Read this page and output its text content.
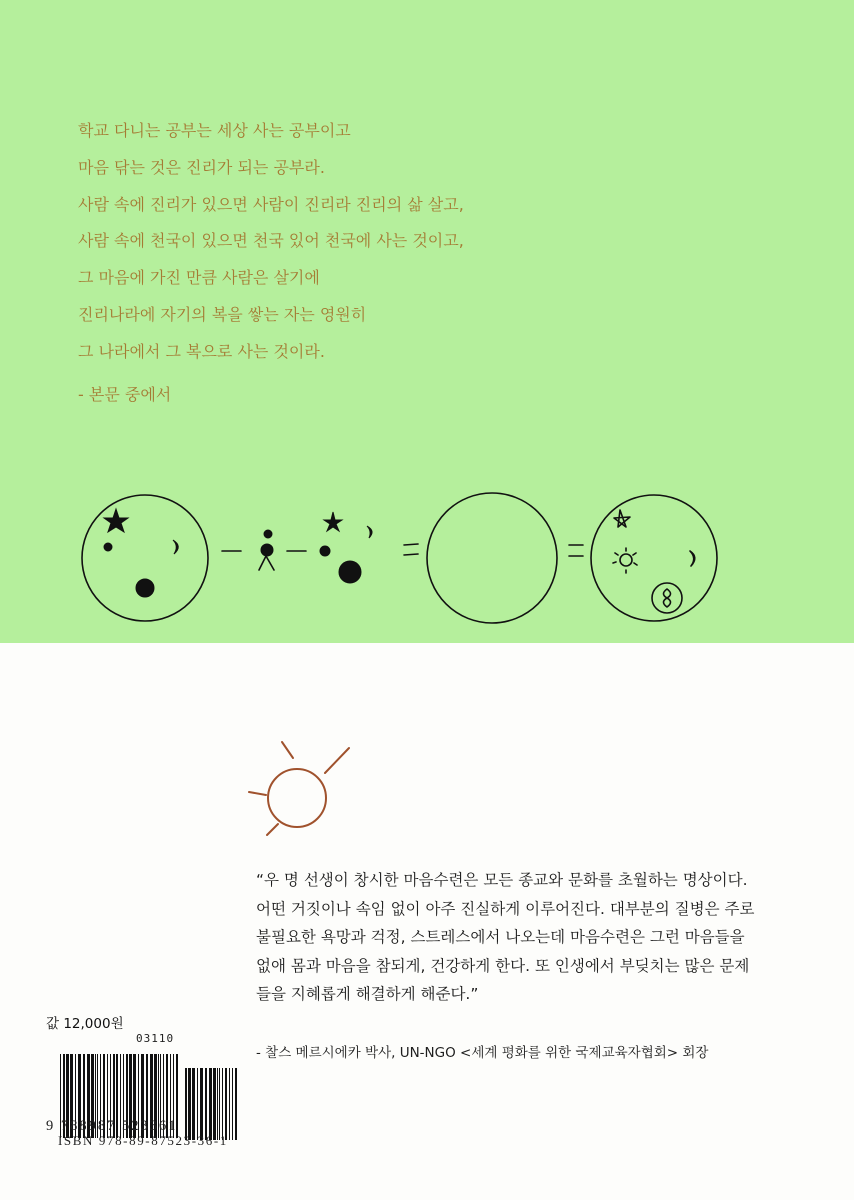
학교 다니는 공부는 세상 사는 공부이고
마음 닦는 것은 진리가 되는 공부라.
사람 속에 진리가 있으면 사람이 진리라 진리의 삶 살고,
사람 속에 천국이 있으면 천국 있어 천국에 사는 것이고,
그 마음에 가진 만큼 사람은 살기에
진리나라에 자기의 복을 쌓는 자는 영원히
그 나라에서 그 복으로 사는 것이라.
- 본문 중에서
“우 명 선생이 창시한 마음수련은 모든 종교와 문화를 초월하는 명상이다.
어떤 거짓이나 속임 없이 아주 진실하게 이루어진다. 대부분의 질병은 주로
불필요한 욕망과 걱정, 스트레스에서 나오는데 마음수련은 그런 마음들을
없애 몸과 마음을 참되게, 건강하게 한다. 또 인생에서 부딪치는 많은 문제
들을 지혜롭게 해결하게 해준다.”
- 찰스 메르시에카 박사, UN-NGO <세계 평화를 위한 국제교육자협회> 회장
값 12,000원
03110
9 788987 523361
ISBN 978-89-87523-36-1
